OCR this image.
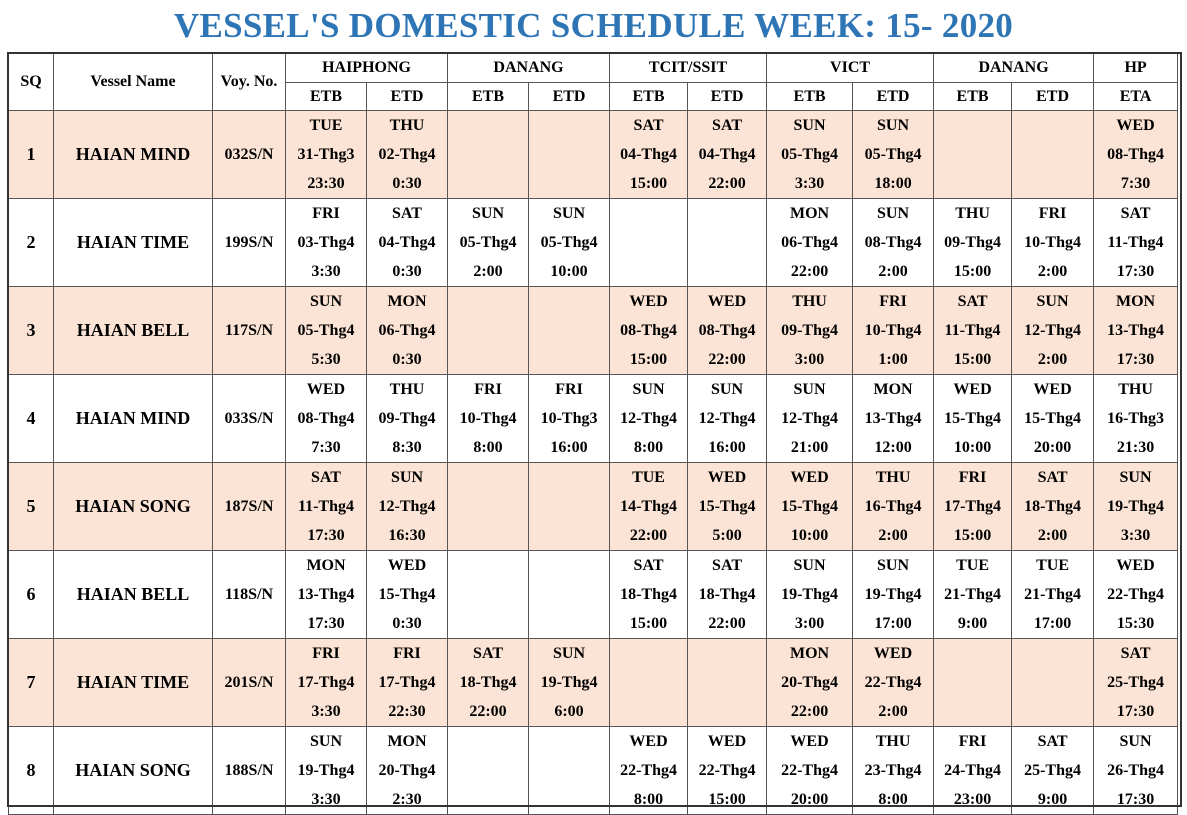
VESSEL'S DOMESTIC SCHEDULE WEEK: 15- 2020
SQ	Vessel Name	Voy. No.	HAIPHONG		DANANG		TCIT/SSIT		VICT		DANANG		HP
			ETB	ETD	ETB	ETD	ETB	ETD	ETB	ETD	ETB	ETD	ETA
1	HAIAN MIND	032S/N	TUE
31-Thg3
23:30	THU
02-Thg4
0:30			SAT
04-Thg4
15:00	SAT
04-Thg4
22:00	SUN
05-Thg4
3:30	SUN
05-Thg4
18:00			WED
08-Thg4
7:30

2	HAIAN TIME	199S/N	FRI
03-Thg4
3:30	SAT
04-Thg4
0:30	SUN
05-Thg4
2:00	SUN
05-Thg4
10:00			MON
06-Thg4
22:00	SUN
08-Thg4
2:00	THU
09-Thg4
15:00	FRI
10-Thg4
2:00	SAT
11-Thg4
17:30

3	HAIAN BELL	117S/N	SUN
05-Thg4
5:30	MON
06-Thg4
0:30			WED
08-Thg4
15:00	WED
08-Thg4
22:00	THU
09-Thg4
3:00	FRI
10-Thg4
1:00	SAT
11-Thg4
15:00	SUN
12-Thg4
2:00	MON
13-Thg4
17:30

4	HAIAN MIND	033S/N	WED
08-Thg4
7:30	THU
09-Thg4
8:30	FRI
10-Thg4
8:00	FRI
10-Thg3
16:00	SUN
12-Thg4
8:00	SUN
12-Thg4
16:00	SUN
12-Thg4
21:00	MON
13-Thg4
12:00	WED
15-Thg4
10:00	WED
15-Thg4
20:00	THU
16-Thg3
21:30

5	HAIAN SONG	187S/N	SAT
11-Thg4
17:30	SUN
12-Thg4
16:30			TUE
14-Thg4
22:00	WED
15-Thg4
5:00	WED
15-Thg4
10:00	THU
16-Thg4
2:00	FRI
17-Thg4
15:00	SAT
18-Thg4
2:00	SUN
19-Thg4
3:30

6	HAIAN BELL	118S/N	MON
13-Thg4
17:30	WED
15-Thg4
0:30			SAT
18-Thg4
15:00	SAT
18-Thg4
22:00	SUN
19-Thg4
3:00	SUN
19-Thg4
17:00	TUE
21-Thg4
9:00	TUE
21-Thg4
17:00	WED
22-Thg4
15:30

7	HAIAN TIME	201S/N	FRI
17-Thg4
3:30	FRI
17-Thg4
22:30	SAT
18-Thg4
22:00	SUN
19-Thg4
6:00			MON
20-Thg4
22:00	WED
22-Thg4
2:00			SAT
25-Thg4
17:30

8	HAIAN SONG	188S/N	SUN
19-Thg4
3:30	MON
20-Thg4
2:30			WED
22-Thg4
8:00	WED
22-Thg4
15:00	WED
22-Thg4
20:00	THU
23-Thg4
8:00	FRI
24-Thg4
23:00	SAT
25-Thg4
9:00	SUN
26-Thg4
17:30
